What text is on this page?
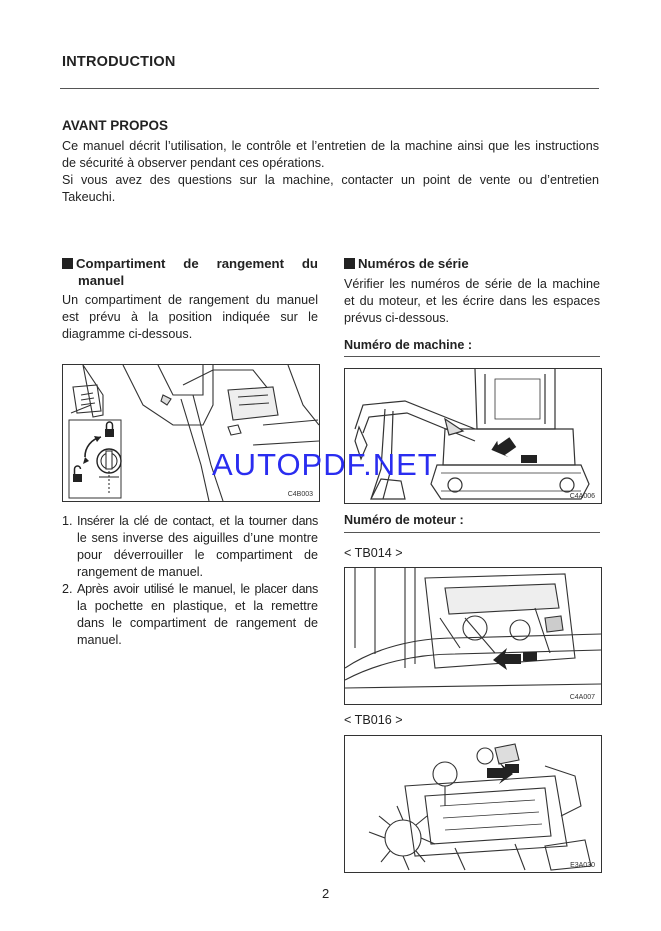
INTRODUCTION
AVANT PROPOS
Ce manuel décrit l’utilisation, le contrôle et l’entretien de la machine ainsi que les instructions
de sécurité à observer pendant ces opérations.
Si vous avez des questions sur la machine, contacter un point de vente ou d’entretien
Takeuchi.
Compartiment de rangement du
manuel
Un compartiment de rangement du manuel
est prévu à la position indiquée sur le
diagramme ci-dessous.
C4B003
1. Insérer la clé de contact, et la tourner dans
le sens inverse des aiguilles d’une montre
pour déverrouiller le compartiment de
rangement de manuel.
2. Après avoir utilisé le manuel, le placer dans
la pochette en plastique, et la remettre
dans le compartiment de rangement de
manuel.
Numéros de série
Vérifier les numéros de série de la machine
et du moteur, et les écrire dans les espaces
prévus ci-dessous.
Numéro de machine :
C4A006
Numéro de moteur :
< TB014 >
C4A007
< TB016 >
E3A030
AUTOPDF.NET
2
